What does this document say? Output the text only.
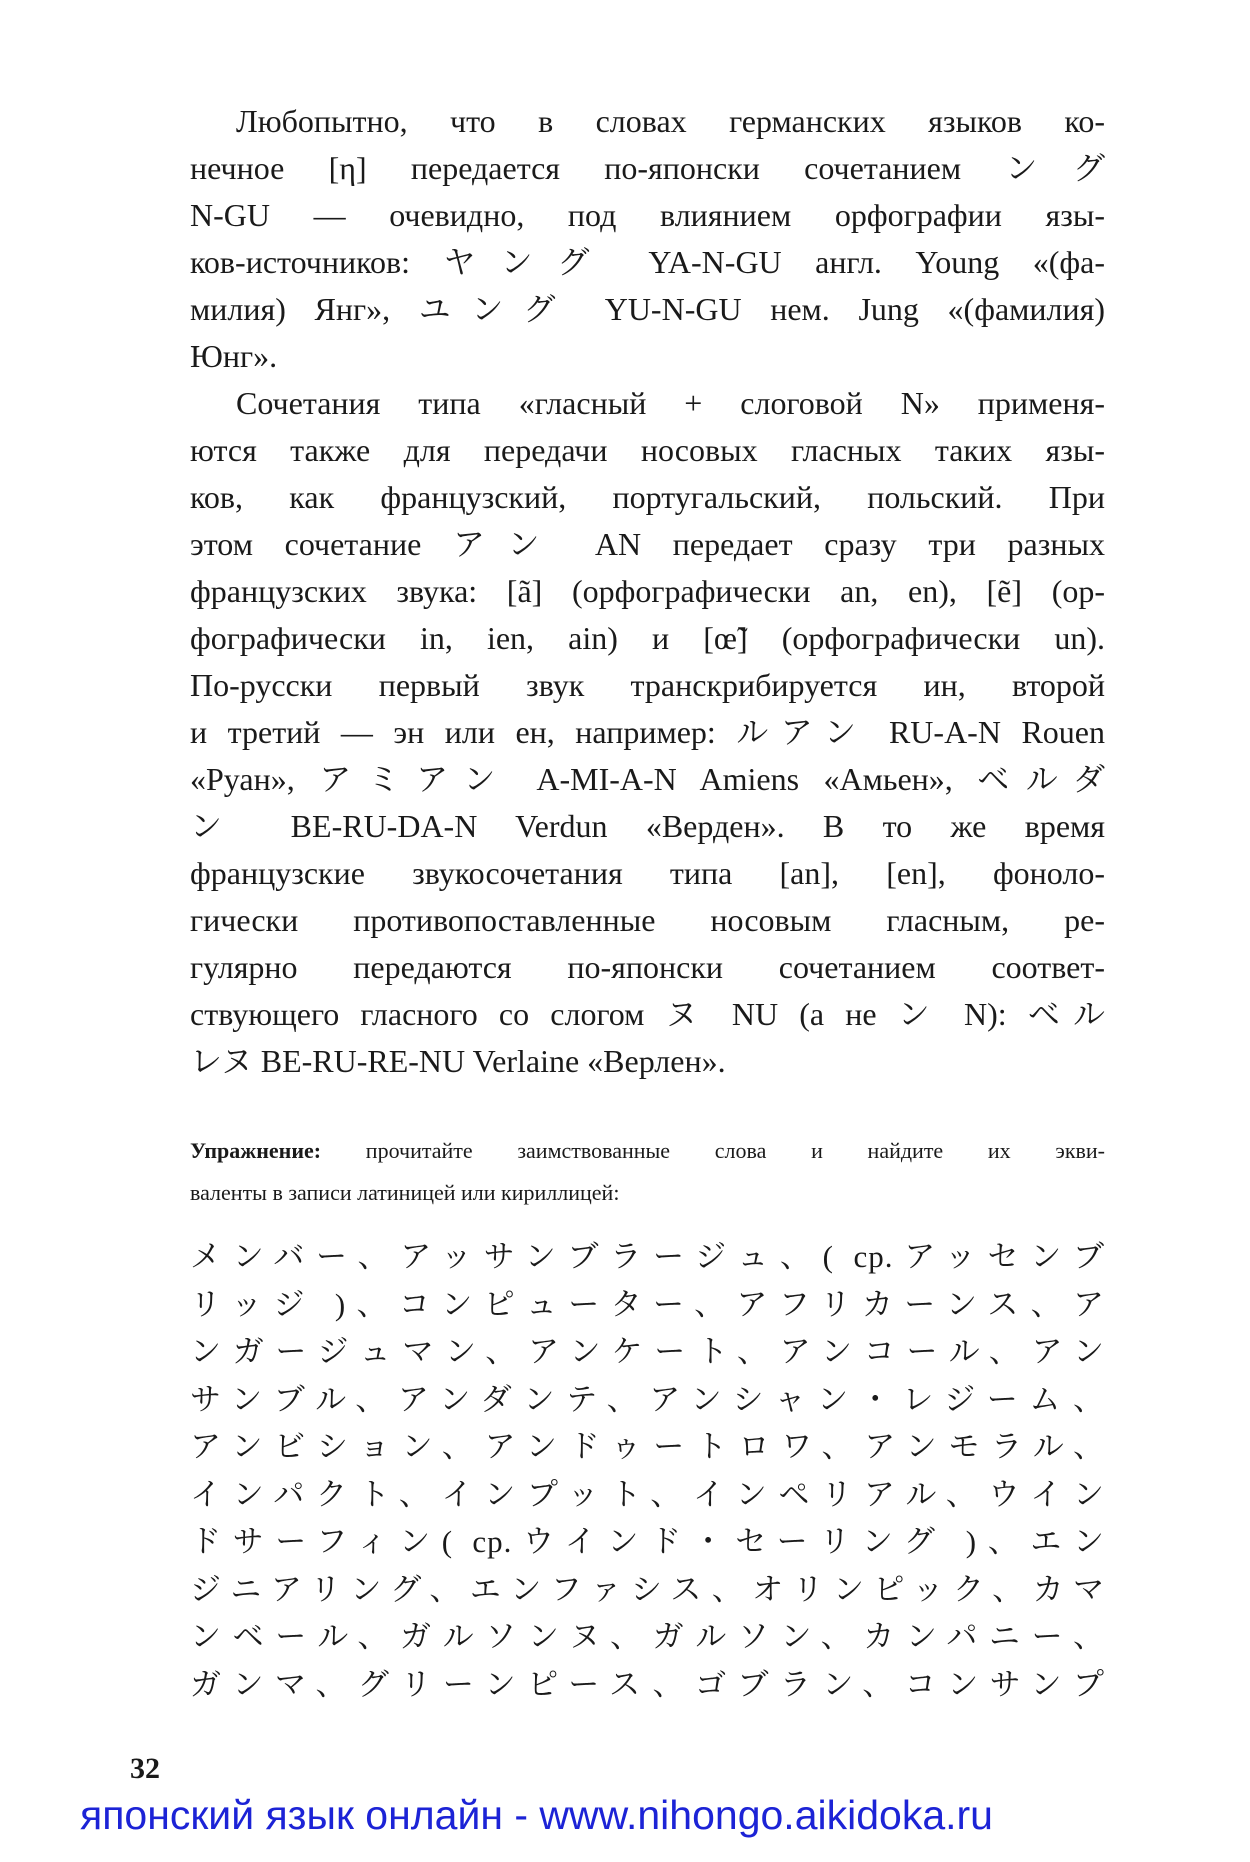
Любопытно, что в словах германских языков ко-
нечное [η] передается по-японски сочетанием ング
N-GU — очевидно, под влиянием орфографии язы-
ков-источников: ヤング YA-N-GU англ. Young «(фа-
милия) Янг», ユング YU-N-GU нем. Jung «(фамилия)
Юнг».
Сочетания типа «гласный + слоговой N» применя-
ются также для передачи носовых гласных таких язы-
ков, как французский, португальский, польский. При
этом сочетание アン AN передает сразу три разных
французских звука: [ã] (орфографически an, en), [ẽ] (ор-
фографически in, ien, ain) и [œ̃] (орфографически un).
По-русски первый звук транскрибируется ин, второй
и третий — эн или ен, например: ルアン RU-A-N Rouen
«Руан», アミアン A-MI-A-N Amiens «Амьен», ベルダ
ン BE-RU-DA-N Verdun «Верден». В то же время
французские звукосочетания типа [an], [en], фоноло-
гически противопоставленные носовым гласным, ре-
гулярно передаются по-японски сочетанием соответ-
ствующего гласного со слогом ヌ NU (а не ン N): ベル
レヌ BE-RU-RE-NU Verlaine «Верлен».
Упражнение: прочитайте заимствованные слова и найдите их экви-
валенты в записи латиницей или кириллицей:
メンバー、アッサンブラージュ、( cp.アッセンブ
リッジ )、コンピューター、アフリカーンス、ア
ンガージュマン、アンケート、アンコール、アン
サンブル、アンダンテ、アンシャン・レジーム、
アンビション、アンドゥートロワ、アンモラル、
インパクト、インプット、インペリアル、ウイン
ドサーフィン( cp.ウインド・セーリング )、エン
ジニアリング、エンファシス、オリンピック、カマ
ンベール、ガルソンヌ、ガルソン、カンパニー、
ガンマ、グリーンピース、ゴブラン、コンサンプ
32
японский язык онлайн - www.nihongo.aikidoka.ru
